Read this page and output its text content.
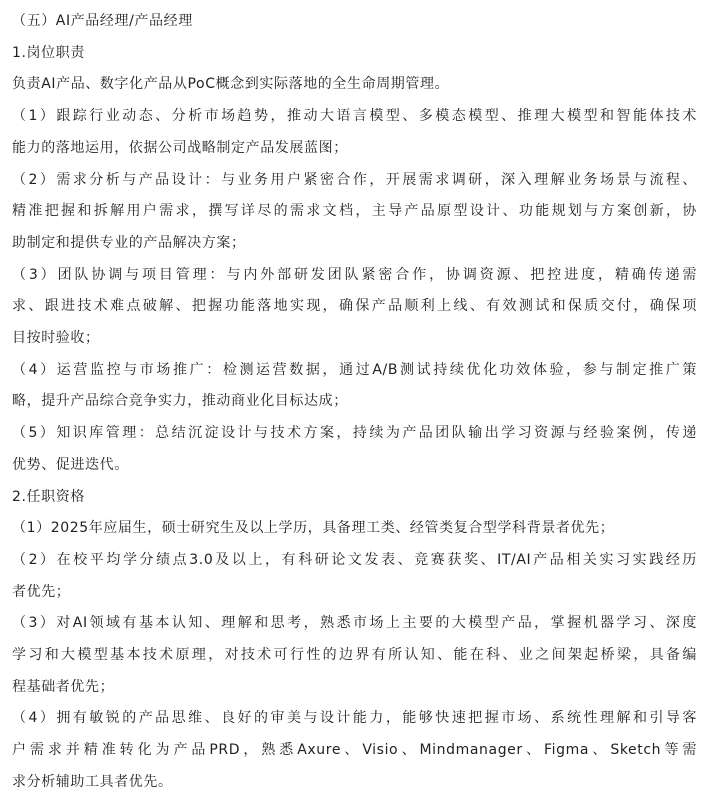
（五）AI产品经理/产品经理
1.岗位职责
负责AI产品、数字化产品从PoC概念到实际落地的全生命周期管理。
（1）跟踪行业动态、分析市场趋势，推动大语言模型、多模态模型、推理大模型和智能体技术
能力的落地运用，依据公司战略制定产品发展蓝图；
（2）需求分析与产品设计：与业务用户紧密合作，开展需求调研，深入理解业务场景与流程、
精准把握和拆解用户需求，撰写详尽的需求文档，主导产品原型设计、功能规划与方案创新，协
助制定和提供专业的产品解决方案；
（3）团队协调与项目管理：与内外部研发团队紧密合作，协调资源、把控进度，精确传递需
求、跟进技术难点破解、把握功能落地实现，确保产品顺利上线、有效测试和保质交付，确保项
目按时验收；
（4）运营监控与市场推广：检测运营数据，通过A/B测试持续优化功效体验，参与制定推广策
略，提升产品综合竞争实力，推动商业化目标达成；
（5）知识库管理：总结沉淀设计与技术方案，持续为产品团队输出学习资源与经验案例，传递
优势、促进迭代。
2.任职资格
（1）2025年应届生，硕士研究生及以上学历，具备理工类、经管类复合型学科背景者优先；
（2）在校平均学分绩点3.0及以上，有科研论文发表、竞赛获奖、IT/AI产品相关实习实践经历
者优先；
（3）对AI领域有基本认知、理解和思考，熟悉市场上主要的大模型产品，掌握机器学习、深度
学习和大模型基本技术原理，对技术可行性的边界有所认知、能在科、业之间架起桥梁，具备编
程基础者优先；
（4）拥有敏锐的产品思维、良好的审美与设计能力，能够快速把握市场、系统性理解和引导客
户需求并精准转化为产品PRD，熟悉Axure、Visio、Mindmanager、Figma、Sketch等需
求分析辅助工具者优先。
